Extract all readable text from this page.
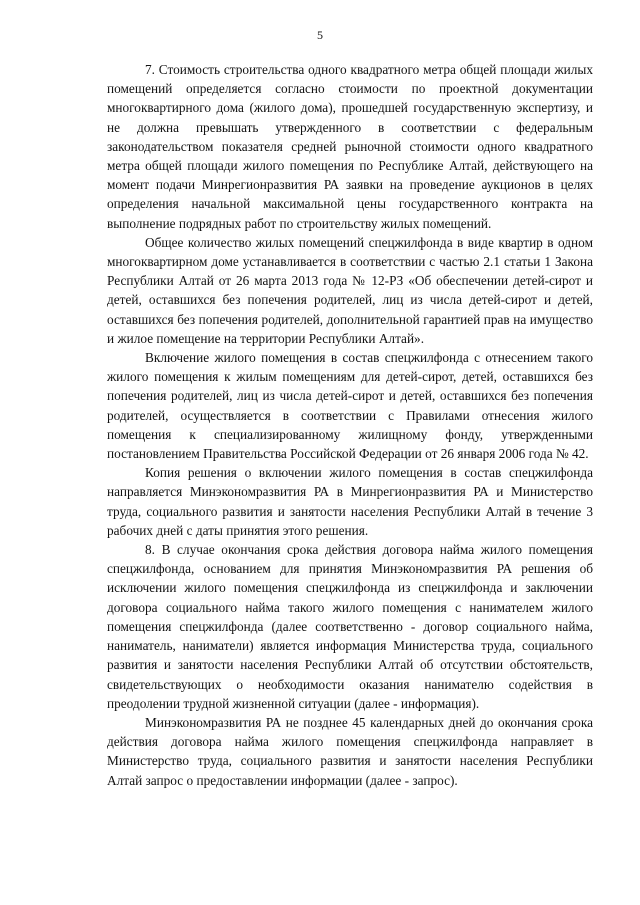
5

7. Стоимость строительства одного квадратного метра общей площади жилых помещений определяется согласно стоимости по проектной документации многоквартирного дома (жилого дома), прошедшей государственную экспертизу, и не должна превышать утвержденного в соответствии с федеральным законодательством показателя средней рыночной стоимости одного квадратного метра общей площади жилого помещения по Республике Алтай, действующего на момент подачи Минрегионразвития РА заявки на проведение аукционов в целях определения начальной максимальной цены государственного контракта на выполнение подрядных работ по строительству жилых помещений.

Общее количество жилых помещений спецжилфонда в виде квартир в одном многоквартирном доме устанавливается в соответствии с частью 2.1 статьи 1 Закона Республики Алтай от 26 марта 2013 года № 12-РЗ «Об обеспечении детей-сирот и детей, оставшихся без попечения родителей, лиц из числа детей-сирот и детей, оставшихся без попечения родителей, дополнительной гарантией прав на имущество и жилое помещение на территории Республики Алтай».

Включение жилого помещения в состав спецжилфонда с отнесением такого жилого помещения к жилым помещениям для детей-сирот, детей, оставшихся без попечения родителей, лиц из числа детей-сирот и детей, оставшихся без попечения родителей, осуществляется в соответствии с Правилами отнесения жилого помещения к специализированному жилищному фонду, утвержденными постановлением Правительства Российской Федерации от 26 января 2006 года № 42.

Копия решения о включении жилого помещения в состав спецжилфонда направляется Минэкономразвития РА в Минрегионразвития РА и Министерство труда, социального развития и занятости населения Республики Алтай в течение 3 рабочих дней с даты принятия этого решения.

8. В случае окончания срока действия договора найма жилого помещения спецжилфонда, основанием для принятия Минэкономразвития РА решения об исключении жилого помещения спецжилфонда из спецжилфонда и заключении договора социального найма такого жилого помещения с нанимателем жилого помещения спецжилфонда (далее соответственно - договор социального найма, наниматель, наниматели) является информация Министерства труда, социального развития и занятости населения Республики Алтай об отсутствии обстоятельств, свидетельствующих о необходимости оказания нанимателю содействия в преодолении трудной жизненной ситуации (далее - информация).

Минэкономразвития РА не позднее 45 календарных дней до окончания срока действия договора найма жилого помещения спецжилфонда направляет в Министерство труда, социального развития и занятости населения Республики Алтай запрос о предоставлении информации (далее - запрос).
